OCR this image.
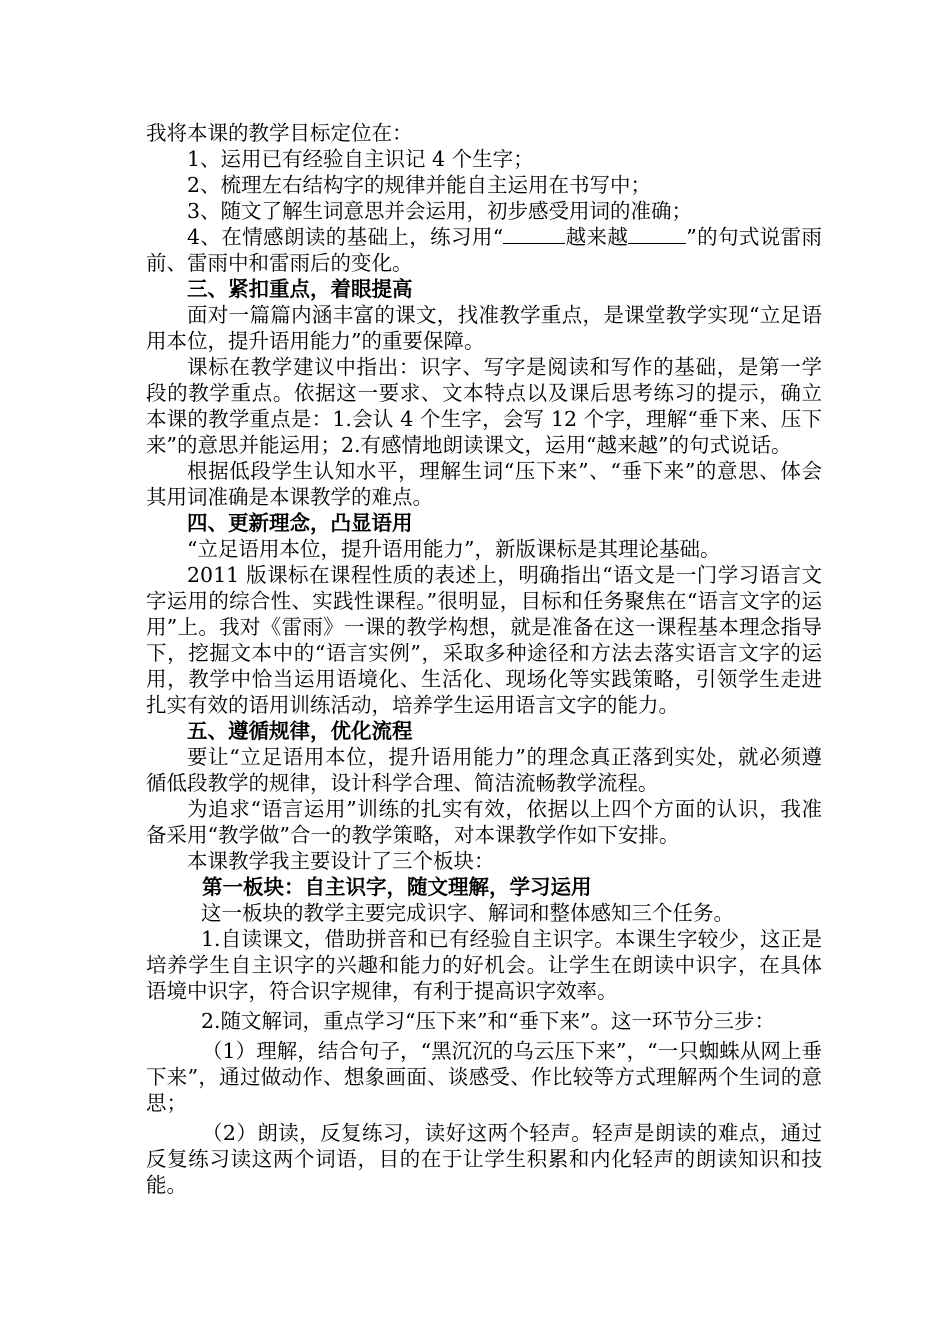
我将本课的教学目标定位在：

1、运用已有经验自主识记 4 个生字；

2、梳理左右结构字的规律并能自主运用在书写中；

3、随文了解生词意思并会运用，初步感受用词的准确；

4、在情感朗读的基础上，练习用“	越来越	”的句式说雷雨前、雷雨中和雷雨后的变化。

三、紧扣重点，着眼提高

面对一篇篇内涵丰富的课文，找准教学重点，是课堂教学实现“立足语用本位，提升语用能力”的重要保障。

课标在教学建议中指出：识字、写字是阅读和写作的基础，是第一学段的教学重点。依据这一要求、文本特点以及课后思考练习的提示，确立本课的教学重点是：1.会认 4 个生字，会写 12 个字，理解“垂下来、压下来”的意思并能运用；2.有感情地朗读课文，运用“越来越”的句式说话。

根据低段学生认知水平，理解生词“压下来”、“垂下来”的意思、体会其用词准确是本课教学的难点。

四、更新理念，凸显语用

“立足语用本位，提升语用能力”，新版课标是其理论基础。

2011 版课标在课程性质的表述上，明确指出“语文是一门学习语言文字运用的综合性、实践性课程。”很明显，目标和任务聚焦在“语言文字的运用”上。我对《雷雨》一课的教学构想，就是准备在这一课程基本理念指导下，挖掘文本中的“语言实例”，采取多种途径和方法去落实语言文字的运用，教学中恰当运用语境化、生活化、现场化等实践策略，引领学生走进扎实有效的语用训练活动，培养学生运用语言文字的能力。

五、遵循规律，优化流程

要让“立足语用本位，提升语用能力”的理念真正落到实处，就必须遵循低段教学的规律，设计科学合理、简洁流畅教学流程。

为追求“语言运用”训练的扎实有效，依据以上四个方面的认识，我准备采用“教学做”合一的教学策略，对本课教学作如下安排。

本课教学我主要设计了三个板块：

第一板块：自主识字，随文理解，学习运用

这一板块的教学主要完成识字、解词和整体感知三个任务。

1.自读课文，借助拼音和已有经验自主识字。本课生字较少，这正是培养学生自主识字的兴趣和能力的好机会。让学生在朗读中识字，在具体语境中识字，符合识字规律，有利于提高识字效率。

2.随文解词，重点学习“压下来”和“垂下来”。这一环节分三步：

（1）理解，结合句子，“黑沉沉的乌云压下来”，“一只蜘蛛从网上垂下来”，通过做动作、想象画面、谈感受、作比较等方式理解两个生词的意思；

（2）朗读，反复练习，读好这两个轻声。轻声是朗读的难点，通过反复练习读这两个词语，目的在于让学生积累和内化轻声的朗读知识和技能。
